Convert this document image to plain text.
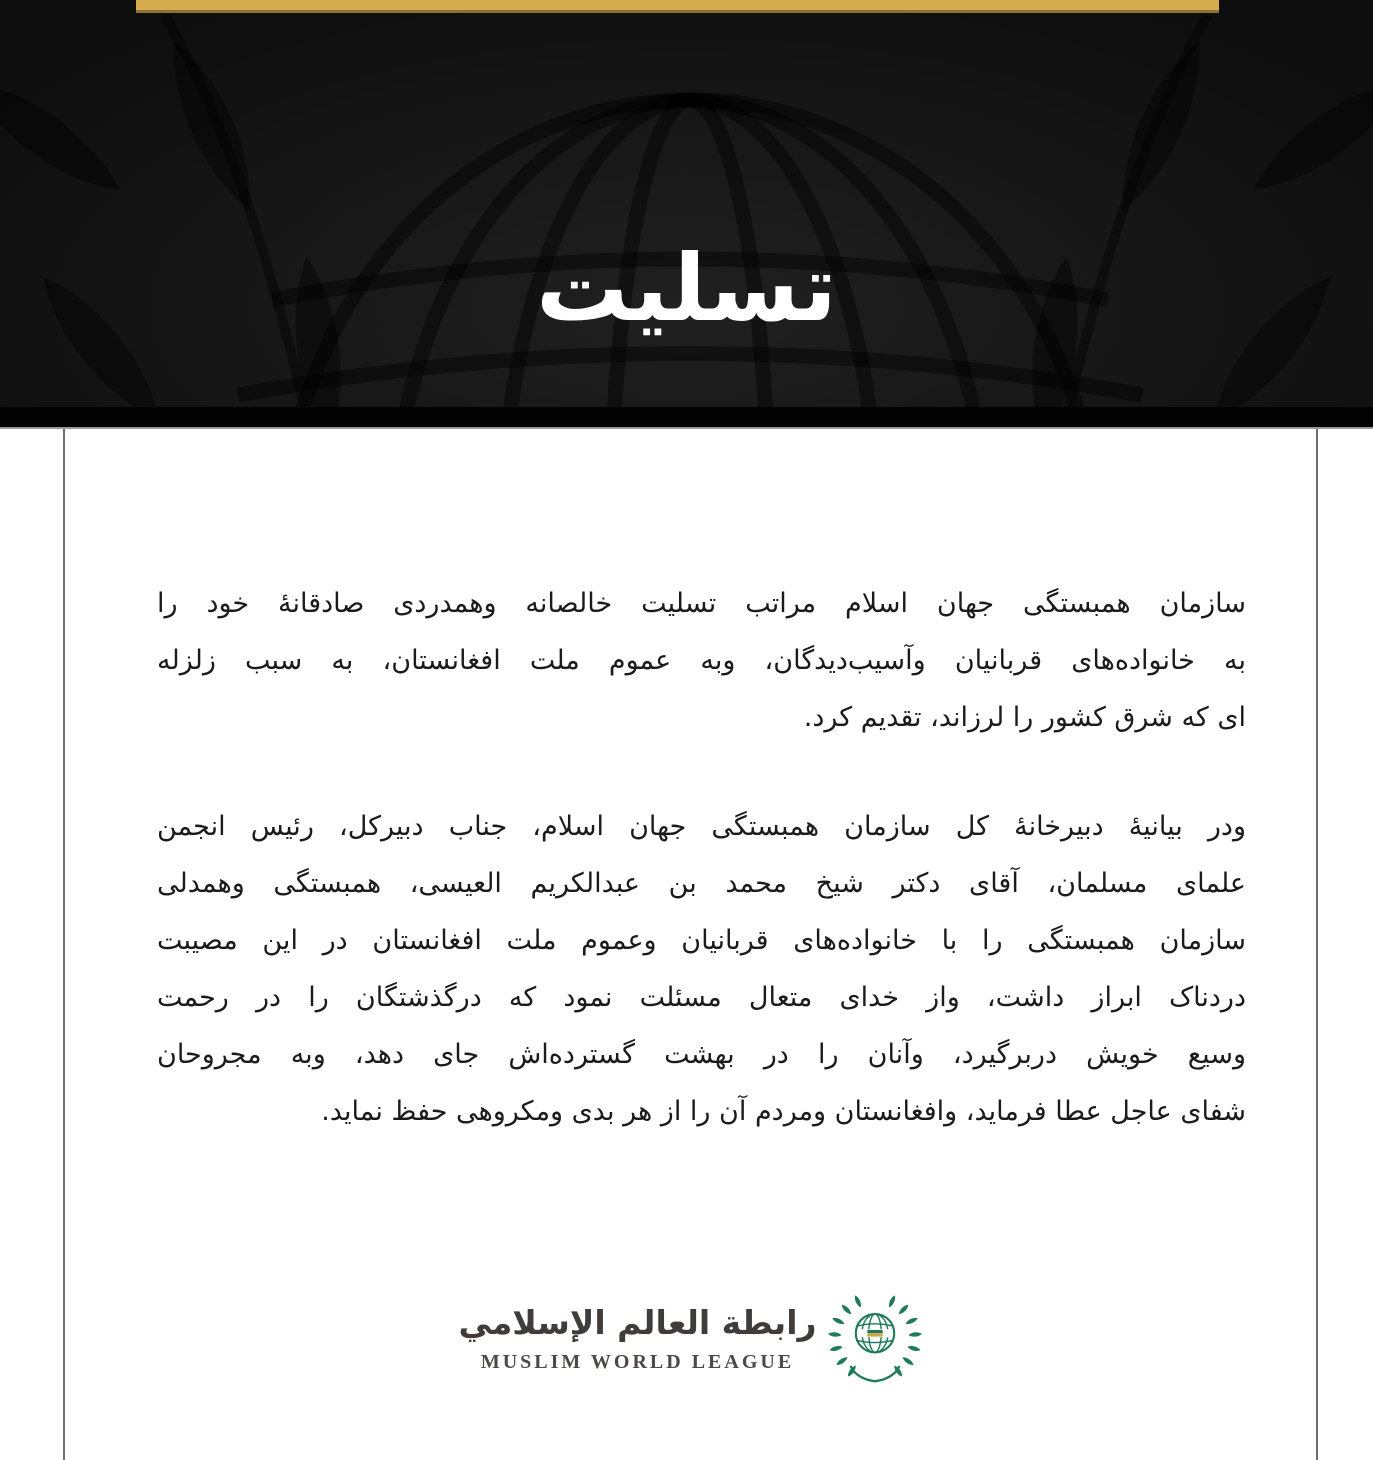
تسليت
سازمان همبستگی جهان اسلام مراتب تسلیت خالصانه وهمدردی صادقانهٔ خود را
به خانواده‌های قربانیان وآسیب‌دیدگان، وبه عموم ملت افغانستان، به سبب زلزله
ای که شرق کشور را لرزاند، تقدیم کرد.
ودر بیانیهٔ دبیرخانهٔ کل سازمان همبستگی جهان اسلام، جناب دبیرکل، رئیس انجمن
علمای مسلمان، آقای دکتر شیخ محمد بن عبدالکریم العیسی، همبستگی وهمدلی
سازمان همبستگی را با خانواده‌های قربانیان وعموم ملت افغانستان در این مصیبت
دردناک ابراز داشت، واز خدای متعال مسئلت نمود که درگذشتگان را در رحمت
وسیع خویش دربرگیرد، وآنان را در بهشت گسترده‌اش جای دهد، وبه مجروحان
شفای عاجل عطا فرماید، وافغانستان ومردم آن را از هر بدی ومکروهی حفظ نماید.
رابطة العالم الإسلامي
MUSLIM WORLD LEAGUE
